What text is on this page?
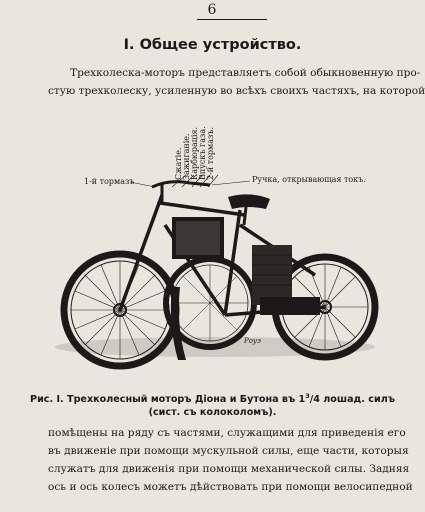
6
I. Общее устройство.
Трехколеска-моторъ представляетъ собой обыкновенную про-
стую трехколеску, усиленную во всѣхъ своихъ частяхъ, на которой
1-й тормазъ	Ручка, открывающая токъ.
Сжатіе. Зажиганіе. Карбюрація. Впускъ газа. 2-й тормазъ.
Роуэ
Рис. I. Трехколесный моторъ Діона и Бутона въ $1^3/4$ лошад. силъ
(сист. съ колоколомъ).
помѣщены на ряду съ частями, служащими для приведенія его
въ движеніе при помощи мускульной силы, еще части, которыя
служатъ для движенія при помощи механической силы. Задняя
ось и ось колесъ можетъ дѣйствовать при помощи велосипедной
